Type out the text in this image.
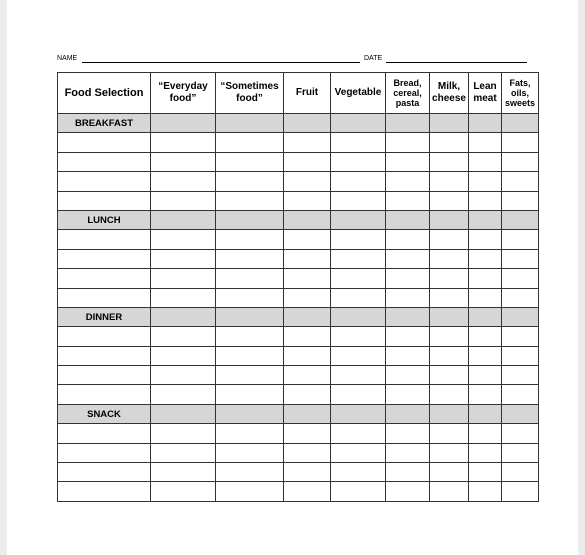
NAME	DATE
Food Selection	“Everyday food”	“Sometimes food”	Fruit	Vegetable	Bread, cereal, pasta	Milk, cheese	Lean meat	Fats, oils, sweets
BREAKFAST								

LUNCH								

DINNER								

SNACK								
